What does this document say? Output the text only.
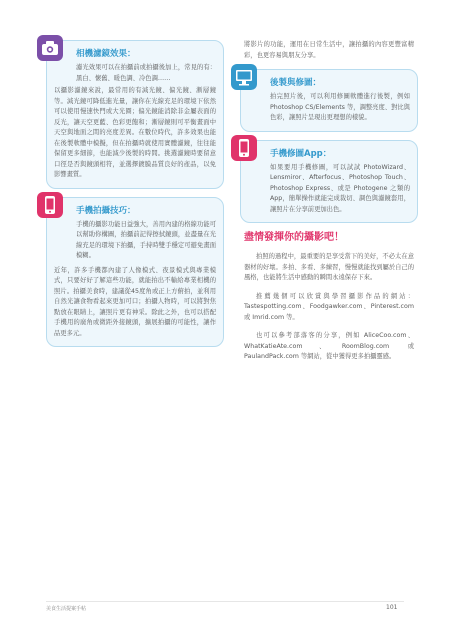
相機濾鏡效果：
濾光效果可以在拍攝前或拍攝後加上，常見的有：黑白、懷舊、暖色調、冷色調……
以攝影濾鏡來說，最常用的有減光鏡、偏光鏡、漸層鏡等。減光鏡可降低進光量，讓你在光線充足的環境下依然可以使用慢速快門或大光圈；偏光鏡能消除非金屬表面的反光，讓天空更藍、色彩更飽和；漸層鏡則可平衡畫面中天空與地面之間的亮度差異。在數位時代，許多效果也能在後製軟體中模擬，但在拍攝時就使用實體濾鏡，往往能保留更多細節，也能減少後製的時間。挑選濾鏡時要留意口徑是否與鏡頭相符，並選擇鍍膜品質良好的產品，以免影響畫質。
手機拍攝技巧：
手機的攝影功能日益強大，善用內建的格線功能可以幫助你構圖，拍攝前記得擦拭鏡頭，並盡量在光線充足的環境下拍攝，手持時雙手穩定可避免畫面模糊。
近年，許多手機都內建了人像模式、夜景模式與專業模式，只要好好了解這些功能，就能拍出不輸給專業相機的照片。拍攝美食時，建議從45度角或正上方俯拍，並利用自然光讓食物看起來更加可口；拍攝人物時，可以將對焦點放在眼睛上，讓照片更有神采。除此之外，也可以搭配手機用的廣角或微距外接鏡頭，擴展拍攝的可能性，讓作品更多元。
將影片的功能，運用在日常生活中，讓拍攝的內容更豐富精彩，也更容易與朋友分享。
後製與修圖：
拍完照片後，可以利用修圖軟體進行後製，例如 Photoshop CS/Elements 等，調整亮度、對比與色彩，讓照片呈現出更理想的樣貌。
手機修圖App：
如果要用手機修圖，可以試試 PhotoWizard、Lensmiror、Afterfocus、Photoshop Touch、Photoshop Express、或是 Photogene 之類的 App，簡單操作就能完成裁切、調色與濾鏡套用，讓照片在分享前更加出色。
盡情發揮你的攝影吧！

拍照的過程中，最重要的是享受當下的美好，不必太在意器材的好壞。多拍、多看、多練習，慢慢就能找到屬於自己的風格，也能將生活中感動的瞬間永遠保存下來。

推薦幾個可以欣賞與學習攝影作品的網站：Tastespotting.com、Foodgawker.com、Pinterest.com 或 Imrid.com 等。

也可以參考部落客的分享，例如 AliceCoo.com、WhatKatieAte.com、RoomBlog.com 或 PaulandPack.com 等網站，從中獲得更多拍攝靈感。

美食生活提案手帖	101
